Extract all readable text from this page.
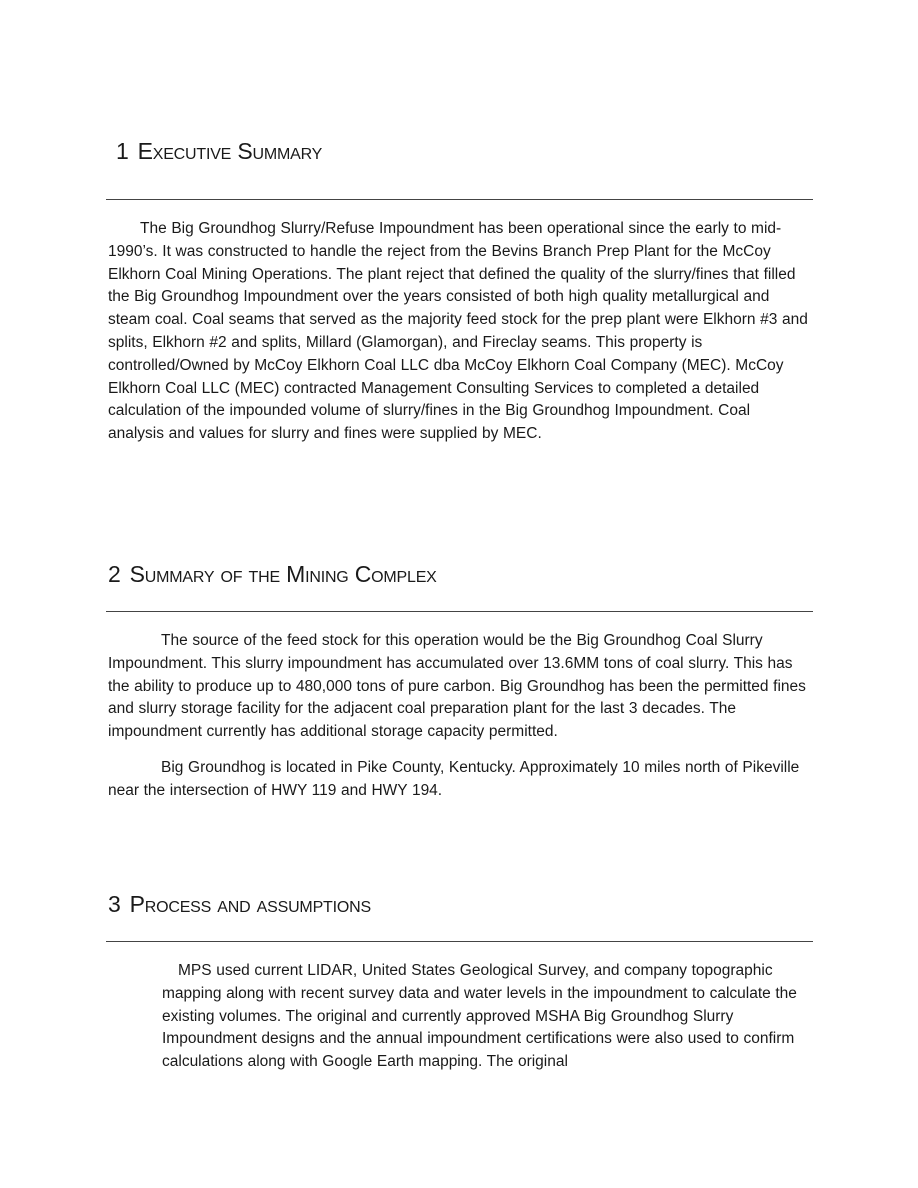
1 Executive Summary

The Big Groundhog Slurry/Refuse Impoundment has been operational since the early to mid-1990’s. It was constructed to handle the reject from the Bevins Branch Prep Plant for the McCoy Elkhorn Coal Mining Operations. The plant reject that defined the quality of the slurry/fines that filled the Big Groundhog Impoundment over the years consisted of both high quality metallurgical and steam coal. Coal seams that served as the majority feed stock for the prep plant were Elkhorn #3 and splits, Elkhorn #2 and splits, Millard (Glamorgan), and Fireclay seams. This property is controlled/Owned by McCoy Elkhorn Coal LLC dba McCoy Elkhorn Coal Company (MEC). McCoy Elkhorn Coal LLC (MEC) contracted Management Consulting Services to completed a detailed calculation of the impounded volume of slurry/fines in the Big Groundhog Impoundment. Coal analysis and values for slurry and fines were supplied by MEC.

2 Summary of the Mining Complex

The source of the feed stock for this operation would be the Big Groundhog Coal Slurry Impoundment. This slurry impoundment has accumulated over 13.6MM tons of coal slurry. This has the ability to produce up to 480,000 tons of pure carbon. Big Groundhog has been the permitted fines and slurry storage facility for the adjacent coal preparation plant for the last 3 decades. The impoundment currently has additional storage capacity permitted.

Big Groundhog is located in Pike County, Kentucky. Approximately 10 miles north of Pikeville near the intersection of HWY 119 and HWY 194.

3 Process and assumptions

MPS used current LIDAR, United States Geological Survey, and company topographic mapping along with recent survey data and water levels in the impoundment to calculate the existing volumes. The original and currently approved MSHA Big Groundhog Slurry Impoundment designs and the annual impoundment certifications were also used to confirm calculations along with Google Earth mapping. The original
